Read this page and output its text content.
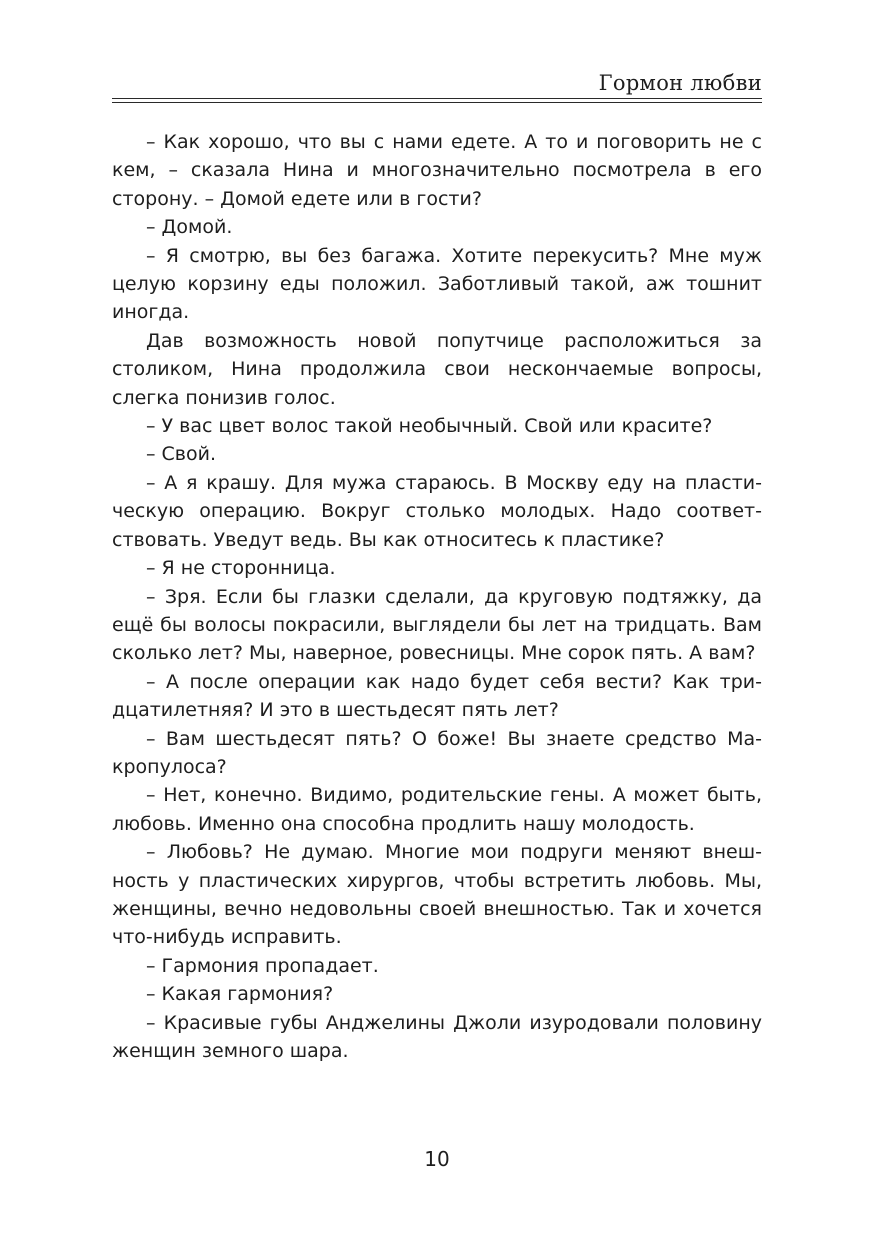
Гормон любви

– Как хорошо, что вы с нами едете. А то и поговорить не с кем, – сказала Нина и многозначительно посмотрела в его сторону. – Домой едете или в гости?

– Домой.

– Я смотрю, вы без багажа. Хотите перекусить? Мне муж целую корзину еды положил. Заботливый такой, аж тошнит иногда.

Дав возможность новой попутчице расположиться за столиком, Нина продолжила свои нескончаемые вопросы, слегка понизив голос.

– У вас цвет волос такой необычный. Свой или красите?

– Свой.

– А я крашу. Для мужа стараюсь. В Москву еду на пластическую операцию. Вокруг столько молодых. Надо соответствовать. Уведут ведь. Вы как относитесь к пластике?

– Я не сторонница.

– Зря. Если бы глазки сделали, да круговую подтяжку, да ещё бы волосы покрасили, выглядели бы лет на тридцать. Вам сколько лет? Мы, наверное, ровесницы. Мне сорок пять. А вам?

– А после операции как надо будет себя вести? Как тридцатилетняя? И это в шестьдесят пять лет?

– Вам шестьдесят пять? О боже! Вы знаете средство Макропулоса?

– Нет, конечно. Видимо, родительские гены. А может быть, любовь. Именно она способна продлить нашу молодость.

– Любовь? Не думаю. Многие мои подруги меняют внешность у пластических хирургов, чтобы встретить любовь. Мы, женщины, вечно недовольны своей внешностью. Так и хочется что-нибудь исправить.

– Гармония пропадает.

– Какая гармония?

– Красивые губы Анджелины Джоли изуродовали половину женщин земного шара.

10
